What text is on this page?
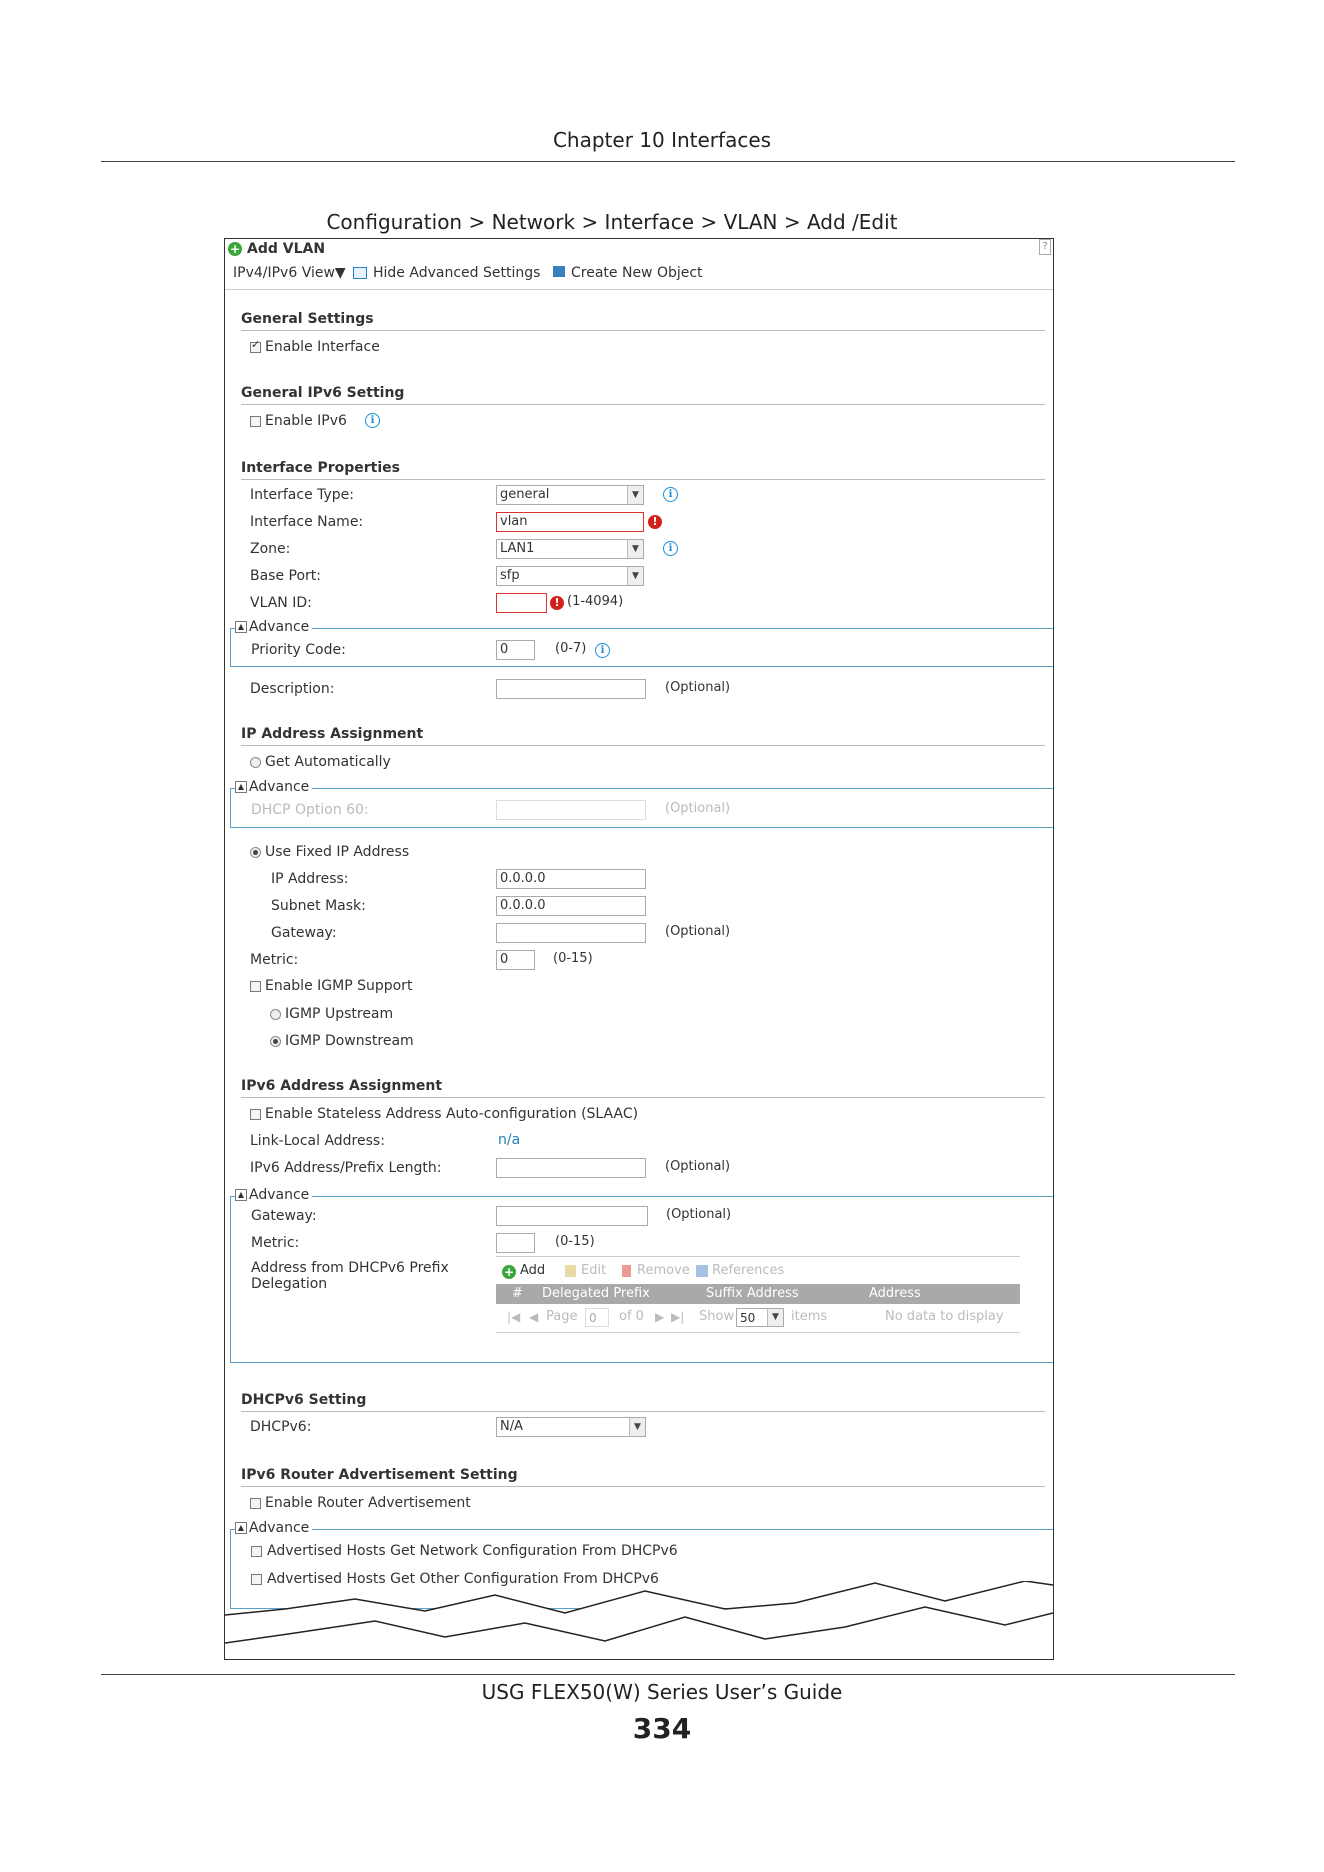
Chapter 10 Interfaces
Configuration > Network > Interface > VLAN > Add /Edit
+ Add VLAN	?
IPv4/IPv6 View▼ Hide Advanced Settings Create New Object
General Settings
✓
Enable Interface
General IPv6 Setting
Enable IPv6	i
Interface Properties
Interface Type:	general	▼	i
Interface Name:	vlan	!
Zone:	LAN1	▼	i
Base Port:	sfp	▼
VLAN ID:	! (1-4094)
▲ Advance
Priority Code:	0	(0-7)	i
Description:	(Optional)
IP Address Assignment
Get Automatically
▲ Advance
DHCP Option 60:	(Optional)
Use Fixed IP Address
IP Address:	0.0.0.0
Subnet Mask:	0.0.0.0
Gateway:	(Optional)
Metric:	0	(0-15)
Enable IGMP Support
IGMP Upstream
IGMP Downstream
IPv6 Address Assignment
Enable Stateless Address Auto-configuration (SLAAC)
Link-Local Address:	n/a
IPv6 Address/Prefix Length:	(Optional)
▲ Advance
Gateway:	(Optional)
Metric:	(0-15)
Address from DHCPv6 Prefix
Delegation
+ Add	Edit Remove References
# Delegated Prefix	Suffix Address	Address
|◀ ◀ Page 0	of 0 ▶ ▶| Show 50	▼ items	No data to display
DHCPv6 Setting
DHCPv6:	N/A	▼
IPv6 Router Advertisement Setting
Enable Router Advertisement
▲ Advance
Advertised Hosts Get Network Configuration From DHCPv6
Advertised Hosts Get Other Configuration From DHCPv6
USG FLEX50(W) Series User’s Guide
334
